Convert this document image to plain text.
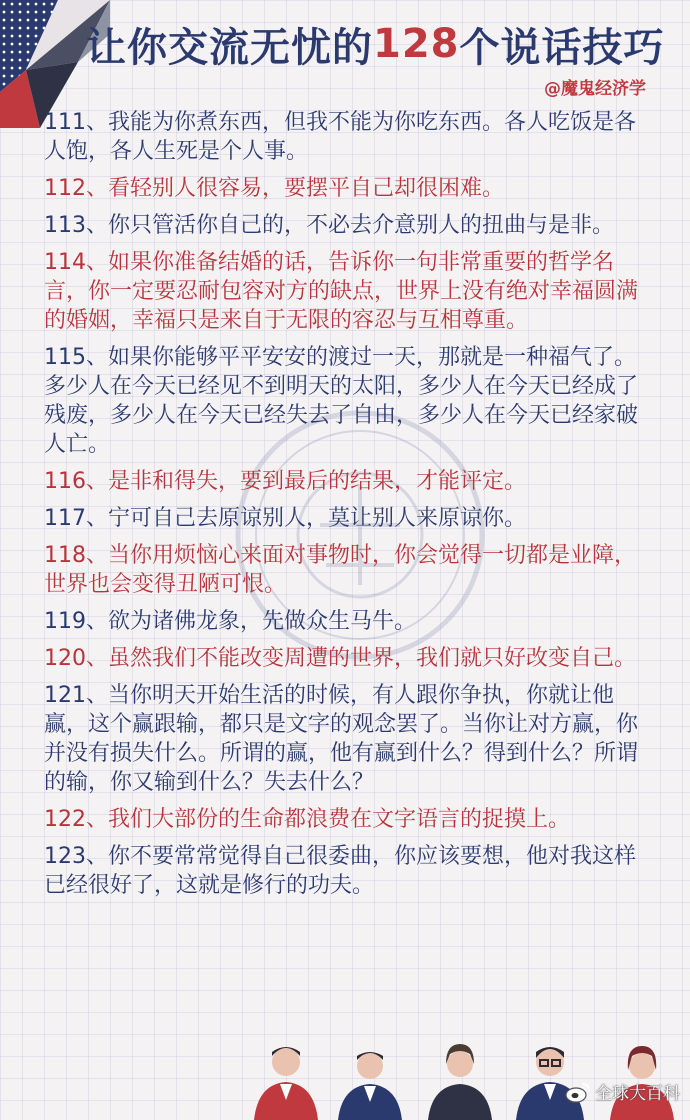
让你交流无忧的 128 个说话技巧
@魔鬼经济学

111、我能为你煮东西，但我不能为你吃东西。各人吃饭是各人饱，各人生死是个人事。

112、看轻别人很容易，要摆平自己却很困难。

113、你只管活你自己的，不必去介意别人的扭曲与是非。

114、如果你准备结婚的话，告诉你一句非常重要的哲学名言，你一定要忍耐包容对方的缺点，世界上没有绝对幸福圆满的婚姻，幸福只是来自于无限的容忍与互相尊重。

115、如果你能够平平安安的渡过一天，那就是一种福气了。多少人在今天已经见不到明天的太阳，多少人在今天已经成了残废，多少人在今天已经失去了自由，多少人在今天已经家破人亡。

116、是非和得失，要到最后的结果，才能评定。

117、宁可自己去原谅别人，莫让别人来原谅你。

118、当你用烦恼心来面对事物时，你会觉得一切都是业障，世界也会变得丑陋可恨。

119、欲为诸佛龙象，先做众生马牛。

120、虽然我们不能改变周遭的世界，我们就只好改变自己。

121、当你明天开始生活的时候，有人跟你争执，你就让他赢，这个赢跟输，都只是文字的观念罢了。当你让对方赢，你并没有损失什么。所谓的赢，他有赢到什么？得到什么？所谓的输，你又输到什么？失去什么？

122、我们大部份的生命都浪费在文字语言的捉摸上。

123、你不要常常觉得自己很委曲，你应该要想，他对我这样已经很好了，这就是修行的功夫。

全球大百科
